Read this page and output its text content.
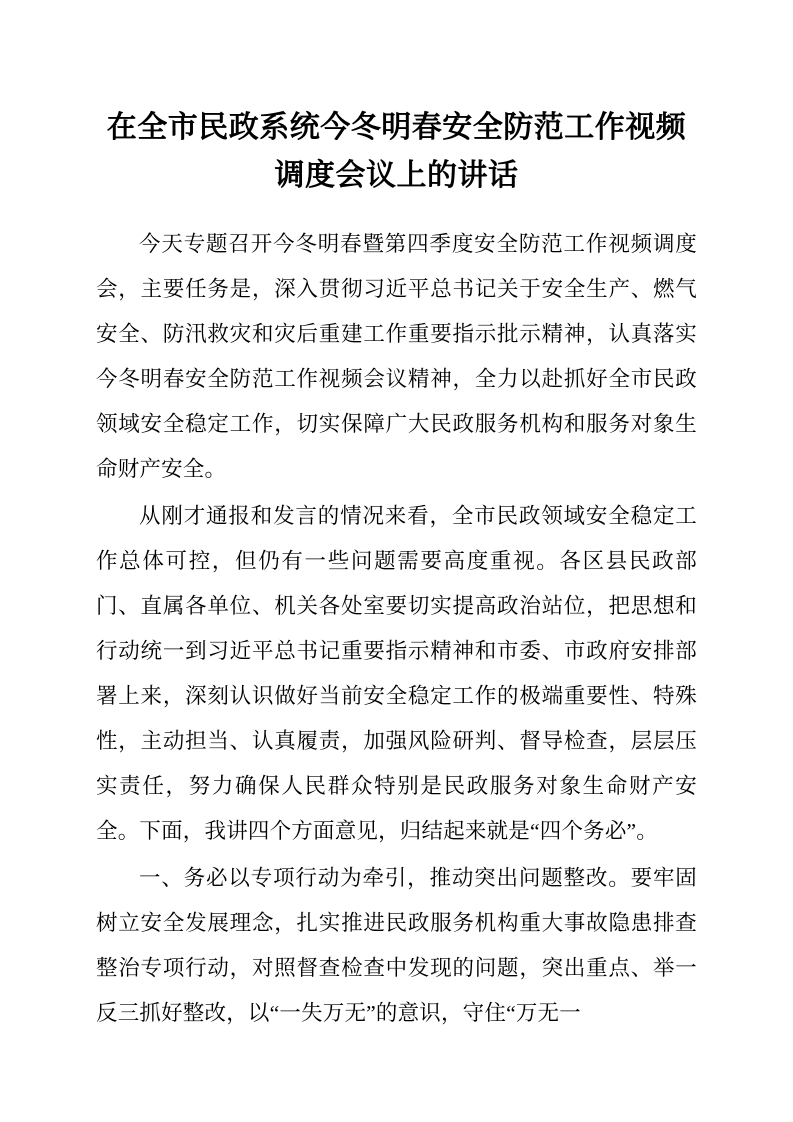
在全市民政系统今冬明春安全防范工作视频调度会议上的讲话

今天专题召开今冬明春暨第四季度安全防范工作视频调度会，主要任务是，深入贯彻习近平总书记关于安全生产、燃气安全、防汛救灾和灾后重建工作重要指示批示精神，认真落实今冬明春安全防范工作视频会议精神，全力以赴抓好全市民政领域安全稳定工作，切实保障广大民政服务机构和服务对象生命财产安全。

从刚才通报和发言的情况来看，全市民政领域安全稳定工作总体可控，但仍有一些问题需要高度重视。各区县民政部门、直属各单位、机关各处室要切实提高政治站位，把思想和行动统一到习近平总书记重要指示精神和市委、市政府安排部署上来，深刻认识做好当前安全稳定工作的极端重要性、特殊性，主动担当、认真履责，加强风险研判、督导检查，层层压实责任，努力确保人民群众特别是民政服务对象生命财产安全。下面，我讲四个方面意见，归结起来就是“四个务必”。

一、务必以专项行动为牵引，推动突出问题整改。要牢固树立安全发展理念，扎实推进民政服务机构重大事故隐患排查整治专项行动，对照督查检查中发现的问题，突出重点、举一反三抓好整改，以“一失万无”的意识，守住“万无一
